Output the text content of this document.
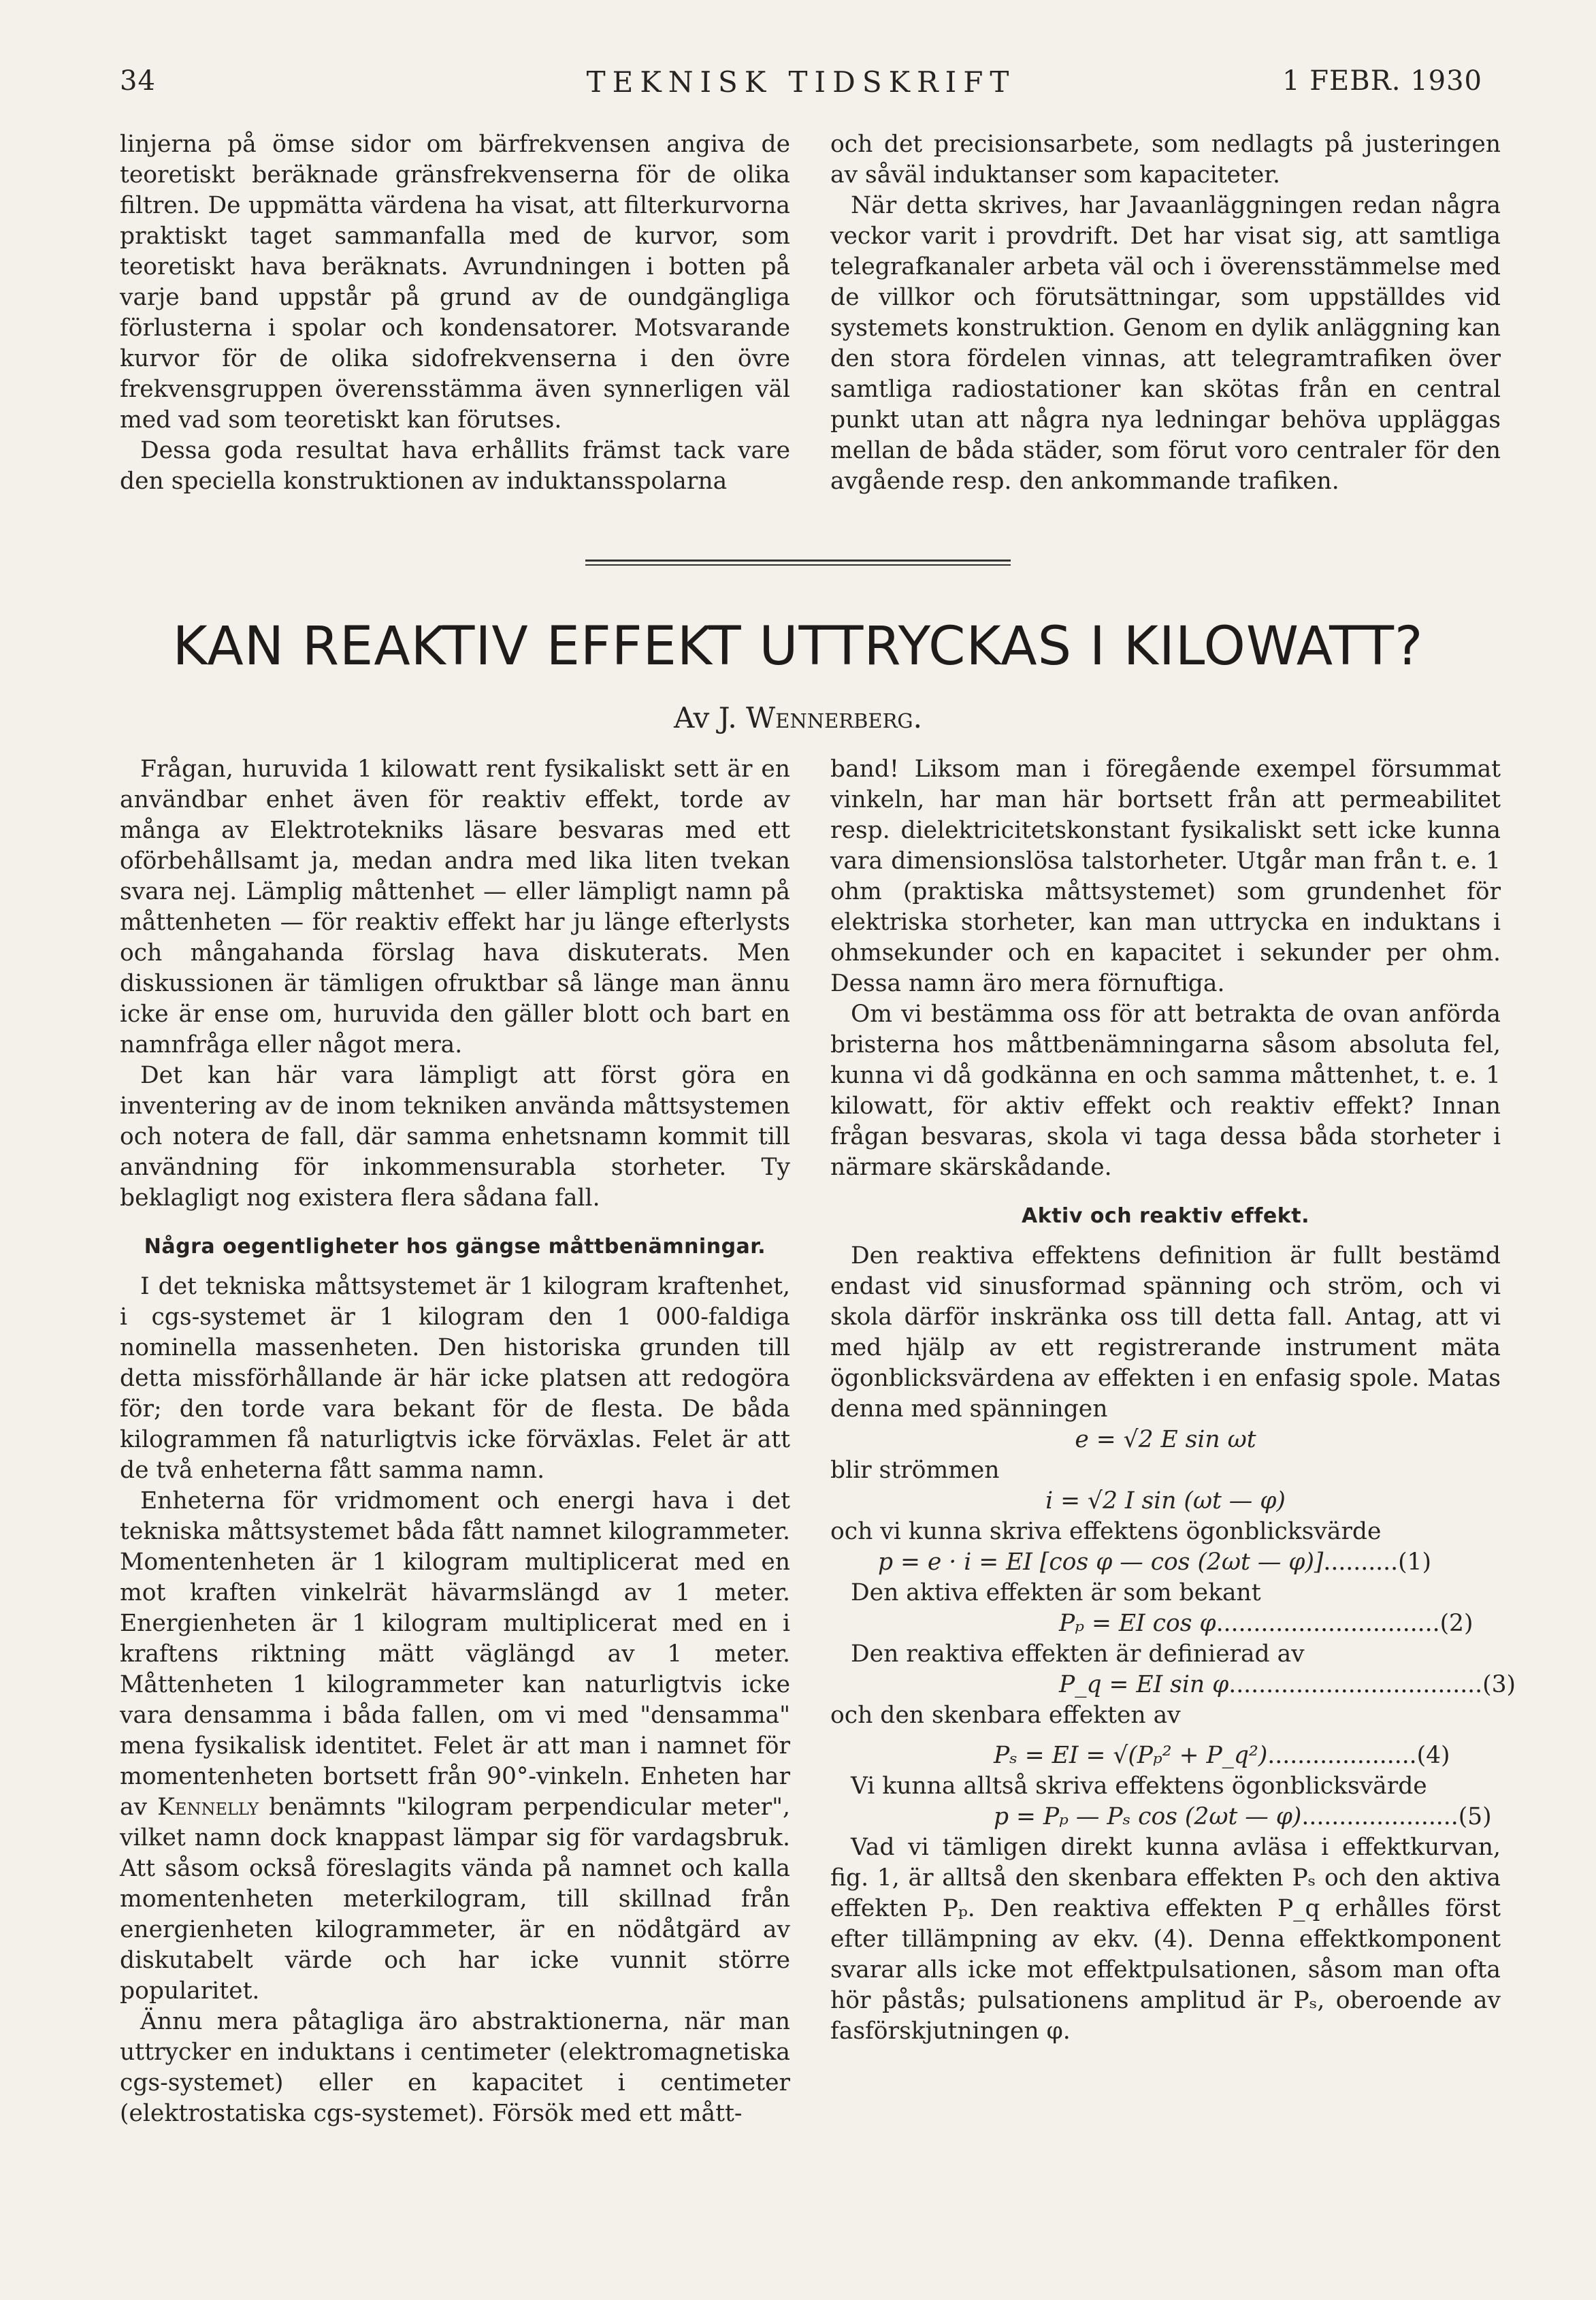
34	TEKNISK TIDSKRIFT	1 FEBR. 1930

linjerna på ömse sidor om bärfrekvensen angiva de teoretiskt beräknade gränsfrekvenserna för de olika filtren. De uppmätta värdena ha visat, att filterkurvorna praktiskt taget sammanfalla med de kurvor, som teoretiskt hava beräknats. Avrundningen i botten på varje band uppstår på grund av de oundgängliga förlusterna i spolar och kondensatorer. Motsvarande kurvor för de olika sidofrekvenserna i den övre frekvensgruppen överensstämma även synnerligen väl med vad som teoretiskt kan förutses.

Dessa goda resultat hava erhållits främst tack vare den speciella konstruktionen av induktansspolarna

och det precisionsarbete, som nedlagts på justeringen av såväl induktanser som kapaciteter.

När detta skrives, har Javaanläggningen redan några veckor varit i provdrift. Det har visat sig, att samtliga telegrafkanaler arbeta väl och i överensstämmelse med de villkor och förutsättningar, som uppställdes vid systemets konstruktion. Genom en dylik anläggning kan den stora fördelen vinnas, att telegramtrafiken över samtliga radiostationer kan skötas från en central punkt utan att några nya ledningar behöva uppläggas mellan de båda städer, som förut voro centraler för den avgående resp. den ankommande trafiken.

KAN REAKTIV EFFEKT UTTRYCKAS I KILOWATT?
Av J. Wennerberg.

Frågan, huruvida 1 kilowatt rent fysikaliskt sett är en användbar enhet även för reaktiv effekt, torde av många av Elektrotekniks läsare besvaras med ett oförbehållsamt ja, medan andra med lika liten tvekan svara nej. Lämplig måttenhet — eller lämpligt namn på måttenheten — för reaktiv effekt har ju länge efterlysts och mångahanda förslag hava diskuterats. Men diskussionen är tämligen ofruktbar så länge man ännu icke är ense om, huruvida den gäller blott och bart en namnfråga eller något mera.

Det kan här vara lämpligt att först göra en inventering av de inom tekniken använda måttsystemen och notera de fall, där samma enhetsnamn kommit till användning för inkommensurabla storheter. Ty beklagligt nog existera flera sådana fall.

Några oegentligheter hos gängse måttbenämningar.

I det tekniska måttsystemet är 1 kilogram kraftenhet, i cgs-systemet är 1 kilogram den 1 000-faldiga nominella massenheten. Den historiska grunden till detta missförhållande är här icke platsen att redogöra för; den torde vara bekant för de flesta. De båda kilogrammen få naturligtvis icke förväxlas. Felet är att de två enheterna fått samma namn.

Enheterna för vridmoment och energi hava i det tekniska måttsystemet båda fått namnet kilogrammeter. Momentenheten är 1 kilogram multiplicerat med en mot kraften vinkelrät hävarmslängd av 1 meter. Energienheten är 1 kilogram multiplicerat med en i kraftens riktning mätt väglängd av 1 meter. Måttenheten 1 kilogrammeter kan naturligtvis icke vara densamma i båda fallen, om vi med "densamma" mena fysikalisk identitet. Felet är att man i namnet för momentenheten bortsett från 90°-vinkeln. Enheten har av Kennelly benämnts "kilogram perpendicular meter", vilket namn dock knappast lämpar sig för vardagsbruk. Att såsom också föreslagits vända på namnet och kalla momentenheten meterkilogram, till skillnad från energienheten kilogrammeter, är en nödåtgärd av diskutabelt värde och har icke vunnit större popularitet.

Ännu mera påtagliga äro abstraktionerna, när man uttrycker en induktans i centimeter (elektromagnetiska cgs-systemet) eller en kapacitet i centimeter (elektrostatiska cgs-systemet). Försök med ett mått-

band! Liksom man i föregående exempel försummat vinkeln, har man här bortsett från att permeabilitet resp. dielektricitetskonstant fysikaliskt sett icke kunna vara dimensionslösa talstorheter. Utgår man från t. e. 1 ohm (praktiska måttsystemet) som grundenhet för elektriska storheter, kan man uttrycka en induktans i ohmsekunder och en kapacitet i sekunder per ohm. Dessa namn äro mera förnuftiga.

Om vi bestämma oss för att betrakta de ovan anförda bristerna hos måttbenämningarna såsom absoluta fel, kunna vi då godkänna en och samma måttenhet, t. e. 1 kilowatt, för aktiv effekt och reaktiv effekt? Innan frågan besvaras, skola vi taga dessa båda storheter i närmare skärskådande.

Aktiv och reaktiv effekt.

Den reaktiva effektens definition är fullt bestämd endast vid sinusformad spänning och ström, och vi skola därför inskränka oss till detta fall. Antag, att vi med hjälp av ett registrerande instrument mäta ögonblicksvärdena av effekten i en enfasig spole. Matas denna med spänningen

e = √2 E sin ωt

blir strömmen

i = √2 I sin (ωt — φ)

och vi kunna skriva effektens ögonblicksvärde

p = e · i = EI [cos φ — cos (2ωt — φ)]..........(1)

Den aktiva effekten är som bekant

Pₚ = EI cos φ..............................(2)

Den reaktiva effekten är definierad av

P_q = EI sin φ..................................(3)

och den skenbara effekten av

Pₛ = EI = √(Pₚ² + P_q²)....................(4)

Vi kunna alltså skriva effektens ögonblicksvärde

p = Pₚ — Pₛ cos (2ωt — φ).....................(5)

Vad vi tämligen direkt kunna avläsa i effektkurvan, fig. 1, är alltså den skenbara effekten Pₛ och den aktiva effekten Pₚ. Den reaktiva effekten P_q erhålles först efter tillämpning av ekv. (4). Denna effektkomponent svarar alls icke mot effektpulsationen, såsom man ofta hör påstås; pulsationens amplitud är Pₛ, oberoende av fasförskjutningen φ.
